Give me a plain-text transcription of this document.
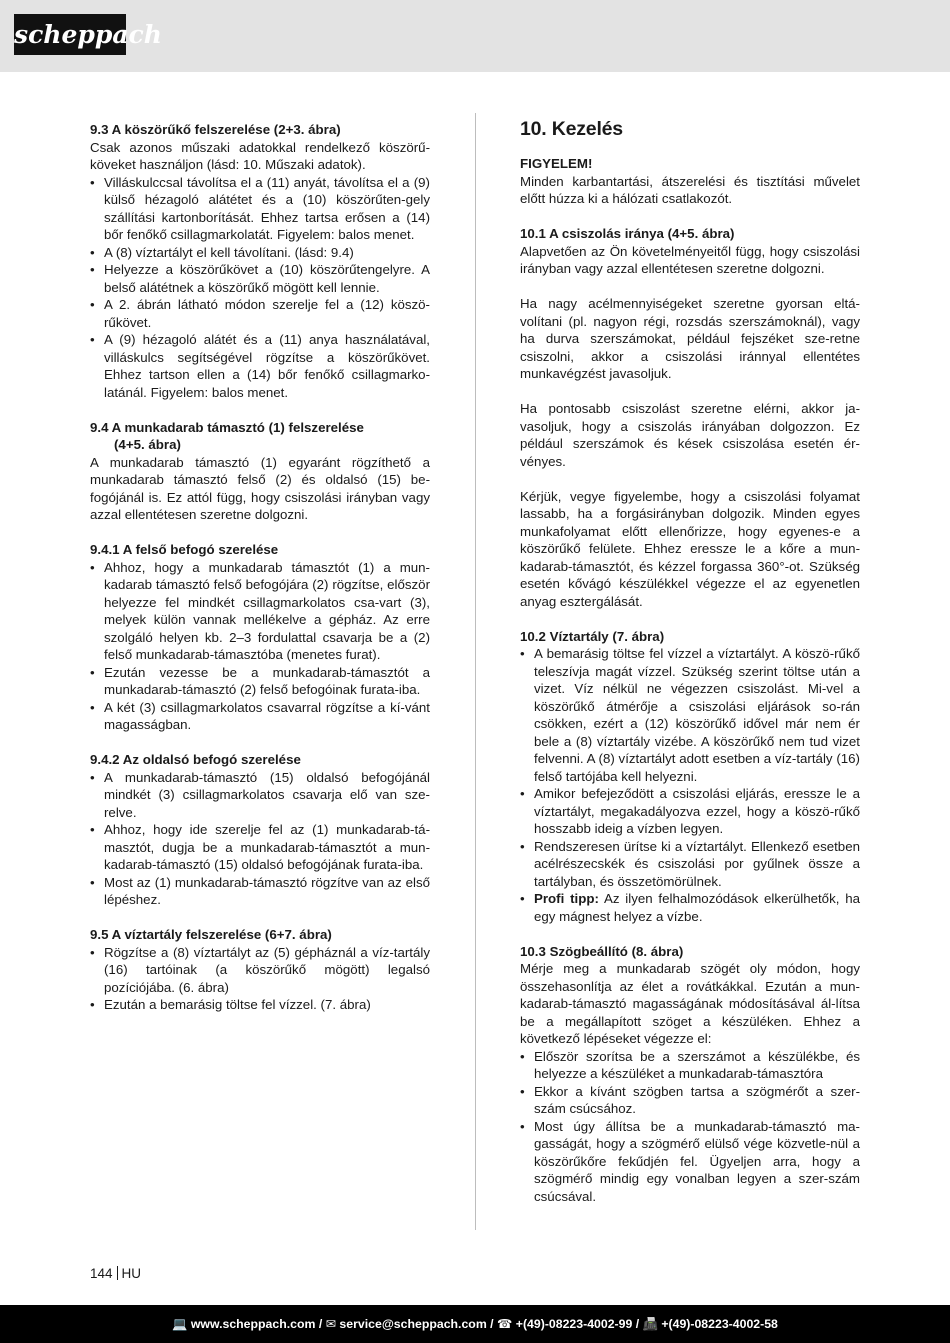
scheppach
9.3 A köszörűkő felszerelése (2+3. ábra)

Csak azonos műszaki adatokkal rendelkező köszörű-köveket használjon (lásd: 10. Műszaki adatok).

• Villáskulccsal távolítsa el a (11) anyát, távolítsa el a (9) külső hézagoló alátétet és a (10) köszörűten-gely szállítási kartonborítását. Ehhez tartsa erősen a (14) bőr fenőkő csillagmarkolatát. Figyelem: balos menet.
• A (8) víztartályt el kell távolítani. (lásd: 9.4)
• Helyezze a köszörűkövet a (10) köszörűtengelyre. A belső alátétnek a köszörűkő mögött kell lennie.
• A 2. ábrán látható módon szerelje fel a (12) köszö-rűkövet.
• A (9) hézagoló alátét és a (11) anya használatával, villáskulcs segítségével rögzítse a köszörűkövet. Ehhez tartson ellen a (14) bőr fenőkő csillagmarko-latánál. Figyelem: balos menet.
9.4 A munkadarab támasztó (1) felszerelése
(4+5. ábra)

A munkadarab támasztó (1) egyaránt rögzíthető a munkadarab támasztó felső (2) és oldalsó (15) be-fogójánál is. Ez attól függ, hogy csiszolási irányban vagy azzal ellentétesen szeretne dolgozni.

9.4.1 A felső befogó szerelése
• Ahhoz, hogy a munkadarab támasztót (1) a mun-kadarab támasztó felső befogójára (2) rögzítse, először helyezze fel mindkét csillagmarkolatos csa-vart (3), melyek külön vannak mellékelve a gépház. Az erre szolgáló helyen kb. 2–3 fordulattal csavarja be a (2) felső munkadarab-támasztóba (menetes furat).
• Ezután vezesse be a munkadarab-támasztót a munkadarab-támasztó (2) felső befogóinak furata-iba.
• A két (3) csillagmarkolatos csavarral rögzítse a kí-vánt magasságban.
9.4.2 Az oldalsó befogó szerelése
• A munkadarab-támasztó (15) oldalsó befogójánál mindkét (3) csillagmarkolatos csavarja elő van sze-relve.
• Ahhoz, hogy ide szerelje fel az (1) munkadarab-tá-masztót, dugja be a munkadarab-támasztót a mun-kadarab-támasztó (15) oldalsó befogójának furata-iba.
• Most az (1) munkadarab-támasztó rögzítve van az első lépéshez.
9.5 A víztartály felszerelése (6+7. ábra)
• Rögzítse a (8) víztartályt az (5) gépháznál a víz-tartály (16) tartóinak (a köszörűkő mögött) legalsó pozíciójába. (6. ábra)
• Ezután a bemarásig töltse fel vízzel. (7. ábra)
10. Kezelés
FIGYELEM!

Minden karbantartási, átszerelési és tisztítási művelet előtt húzza ki a hálózati csatlakozót.

10.1 A csiszolás iránya (4+5. ábra)

Alapvetően az Ön követelményeitől függ, hogy csiszolási irányban vagy azzal ellentétesen szeretne dolgozni.

Ha nagy acélmennyiségeket szeretne gyorsan eltá-volítani (pl. nagyon régi, rozsdás szerszámoknál), vagy ha durva szerszámokat, például fejszéket sze-retne csiszolni, akkor a csiszolási iránnyal ellentétes munkavégzést javasoljuk.

Ha pontosabb csiszolást szeretne elérni, akkor ja-vasoljuk, hogy a csiszolás irányában dolgozzon. Ez például szerszámok és kések csiszolása esetén ér-vényes.

Kérjük, vegye figyelembe, hogy a csiszolási folyamat lassabb, ha a forgásirányban dolgozik. Minden egyes munkafolyamat előtt ellenőrizze, hogy egyenes-e a köszörűkő felülete. Ehhez eressze le a kőre a mun-kadarab-támasztót, és kézzel forgassa 360°-ot. Szükség esetén kővágó készülékkel végezze el az egyenetlen anyag esztergálását.

10.2 Víztartály (7. ábra)
• A bemarásig töltse fel vízzel a víztartályt. A köszö-rűkő teleszívja magát vízzel. Szükség szerint töltse után a vizet. Víz nélkül ne végezzen csiszolást. Mi-vel a köszörűkő átmérője a csiszolási eljárások so-rán csökken, ezért a (12) köszörűkő idővel már nem ér bele a (8) víztartály vizébe. A köszörűkő nem tud vizet felvenni. A (8) víztartályt adott esetben a víz-tartály (16) felső tartójába kell helyezni.
• Amikor befejeződött a csiszolási eljárás, eressze le a víztartályt, megakadályozva ezzel, hogy a köszö-rűkő hosszabb ideig a vízben legyen.
• Rendszeresen ürítse ki a víztartályt. Ellenkező esetben acélrészecskék és csiszolási por gyűlnek össze a tartályban, és összetömörülnek.
• Profi tipp: Az ilyen felhalmozódások elkerülhetők, ha egy mágnest helyez a vízbe.
10.3 Szögbeállító (8. ábra)

Mérje meg a munkadarab szögét oly módon, hogy összehasonlítja az élet a rovátkákkal. Ezután a mun-kadarab-támasztó magasságának módosításával ál-lítsa be a megállapított szöget a készüléken. Ehhez a következő lépéseket végezze el:

• Először szorítsa be a szerszámot a készülékbe, és helyezze a készüléket a munkadarab-támasztóra
• Ekkor a kívánt szögben tartsa a szögmérőt a szer-szám csúcsához.
• Most úgy állítsa be a munkadarab-támasztó ma-gasságát, hogy a szögmérő elülső vége közvetle-nül a köszörűkőre fekűdjén fel. Ügyeljen arra, hogy a szögmérő mindig egy vonalban legyen a szer-szám csúcsával.
144 HU
💻 www.scheppach.com / ✉ service@scheppach.com / ☎ +(49)-08223-4002-99 / 📠 +(49)-08223-4002-58
